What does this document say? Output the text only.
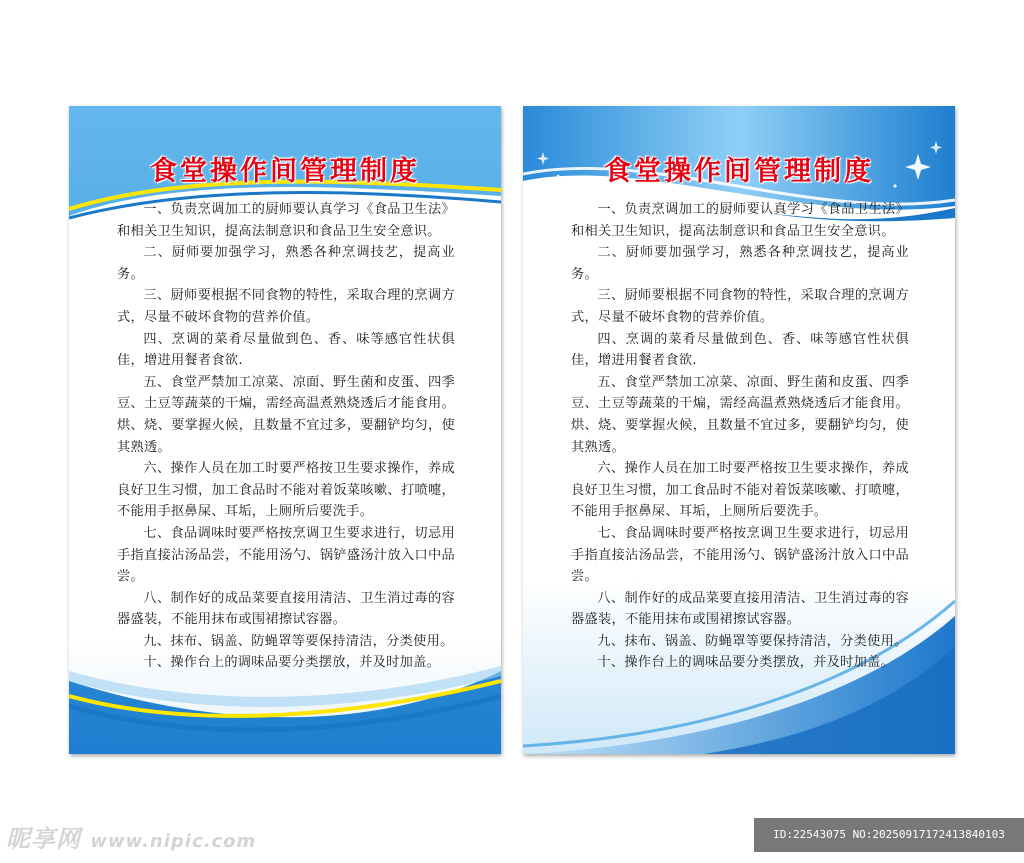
食堂操作间管理制度

一、负责烹调加工的厨师要认真学习《食品卫生法》和相关卫生知识，提高法制意识和食品卫生安全意识。

二、厨师要加强学习，熟悉各种烹调技艺，提高业务。

三、厨师要根据不同食物的特性，采取合理的烹调方式，尽量不破坏食物的营养价值。

四、烹调的菜肴尽量做到色、香、味等感官性状俱佳，增进用餐者食欲.

五、食堂严禁加工凉菜、凉面、野生菌和皮蛋、四季豆、土豆等蔬菜的干煸，需经高温煮熟烧透后才能食用。烘、烧、要掌握火候，且数量不宜过多，要翻铲均匀，使其熟透。

六、操作人员在加工时要严格按卫生要求操作，养成良好卫生习惯，加工食品时不能对着饭菜咳嗽、打喷嚏，不能用手抠鼻屎、耳垢，上厕所后要洗手。

七、食品调味时要严格按烹调卫生要求进行，切忌用手指直接沾汤品尝，不能用汤勺、锅铲盛汤汁放入口中品尝。

八、制作好的成品菜要直接用清洁、卫生消过毒的容器盛装，不能用抹布或围裙擦试容器。

九、抹布、锅盖、防蝇罩等要保持清洁，分类使用。

十、操作台上的调味品要分类摆放，并及时加盖。

食堂操作间管理制度

一、负责烹调加工的厨师要认真学习《食品卫生法》和相关卫生知识，提高法制意识和食品卫生安全意识。

二、厨师要加强学习，熟悉各种烹调技艺，提高业务。

三、厨师要根据不同食物的特性，采取合理的烹调方式，尽量不破坏食物的营养价值。

四、烹调的菜肴尽量做到色、香、味等感官性状俱佳，增进用餐者食欲.

五、食堂严禁加工凉菜、凉面、野生菌和皮蛋、四季豆、土豆等蔬菜的干煸，需经高温煮熟烧透后才能食用。烘、烧、要掌握火候，且数量不宜过多，要翻铲均匀，使其熟透。

六、操作人员在加工时要严格按卫生要求操作，养成良好卫生习惯，加工食品时不能对着饭菜咳嗽、打喷嚏，不能用手抠鼻屎、耳垢，上厕所后要洗手。

七、食品调味时要严格按烹调卫生要求进行，切忌用手指直接沾汤品尝，不能用汤勺、锅铲盛汤汁放入口中品尝。

八、制作好的成品菜要直接用清洁、卫生消过毒的容器盛装，不能用抹布或围裙擦试容器。

九、抹布、锅盖、防蝇罩等要保持清洁，分类使用。

十、操作台上的调味品要分类摆放，并及时加盖。

昵享网 www.nipic.com	ID:22543075 NO:20250917172413840103
